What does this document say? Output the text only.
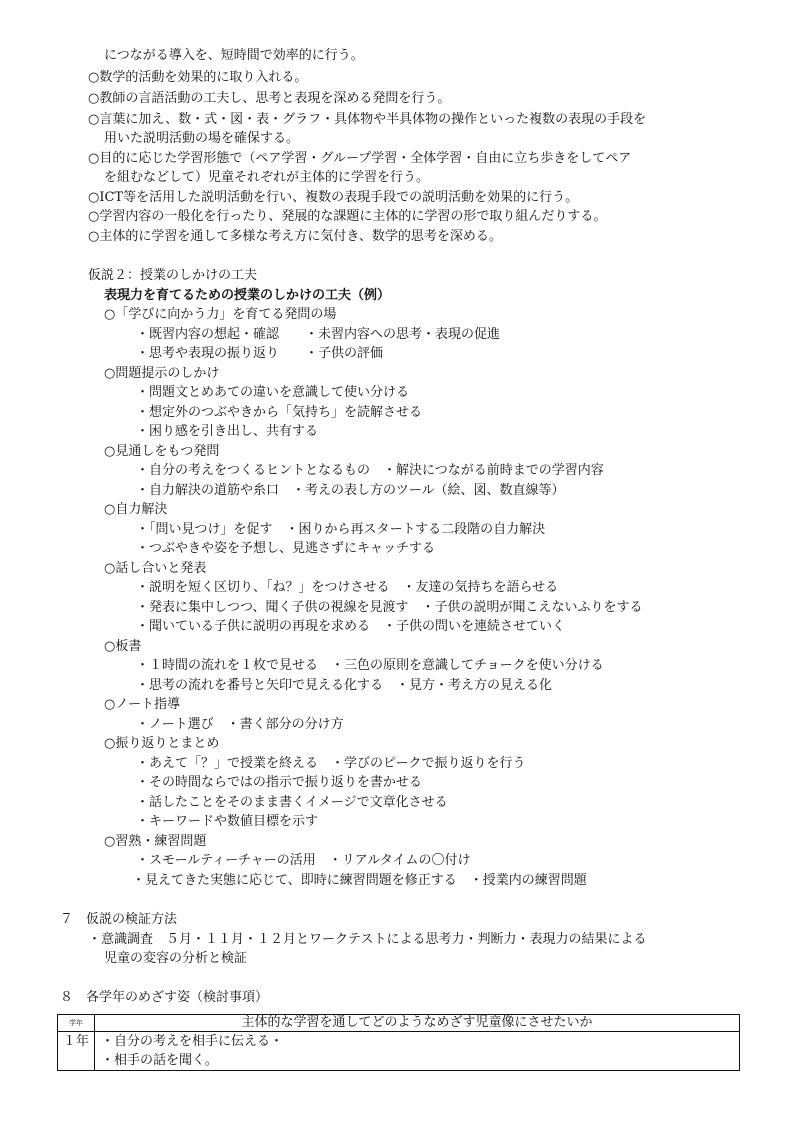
につながる導入を、短時間で効率的に行う。
○数学的活動を効果的に取り入れる。
○教師の言語活動の工夫し、思考と表現を深める発問を行う。
○言葉に加え、数・式・図・表・グラフ・具体物や半具体物の操作といった複数の表現の手段を
用いた説明活動の場を確保する。
○目的に応じた学習形態で（ペア学習・グループ学習・全体学習・自由に立ち歩きをしてペア
を組むなどして）児童それぞれが主体的に学習を行う。
○ICT等を活用した説明活動を行い、複数の表現手段での説明活動を効果的に行う。
○学習内容の一般化を行ったり、発展的な課題に主体的に学習の形で取り組んだりする。
○主体的に学習を通して多様な考え方に気付き、数学的思考を深める。
仮説２：授業のしかけの工夫
表現力を育てるための授業のしかけの工夫（例）
○「学びに向かう力」を育てる発問の場
・既習内容の想起・確認　　・未習内容への思考・表現の促進
・思考や表現の振り返り　　・子供の評価
○問題提示のしかけ
・問題文とめあての違いを意識して使い分ける
・想定外のつぶやきから「気持ち」を読解させる
・困り感を引き出し、共有する
○見通しをもつ発問
・自分の考えをつくるヒントとなるもの　・解決につながる前時までの学習内容
・自力解決の道筋や糸口　・考えの表し方のツール（絵、図、数直線等）
○自力解決
・「問い見つけ」を促す　・困りから再スタートする二段階の自力解決
・つぶやきや姿を予想し、見逃さずにキャッチする
○話し合いと発表
・説明を短く区切り、「ね？」をつけさせる　・友達の気持ちを語らせる
・発表に集中しつつ、聞く子供の視線を見渡す　・子供の説明が聞こえないふりをする
・聞いている子供に説明の再現を求める　・子供の問いを連続させていく
○板書
・１時間の流れを１枚で見せる　・三色の原則を意識してチョークを使い分ける
・思考の流れを番号と矢印で見える化する　・見方・考え方の見える化
○ノート指導
・ノート選び　・書く部分の分け方
○振り返りとまとめ
・あえて「？」で授業を終える　・学びのピークで振り返りを行う
・その時間ならではの指示で振り返りを書かせる
・話したことをそのまま書くイメージで文章化させる
・キーワードや数値目標を示す
○習熟・練習問題
・スモールティーチャーの活用　・リアルタイムの〇付け
・見えてきた実態に応じて、即時に練習問題を修正する　・授業内の練習問題
７　仮説の検証方法
・意識調査　５月・１１月・１２月とワークテストによる思考力・判断力・表現力の結果による
児童の変容の分析と検証
８　各学年のめざす姿（検討事項）
学年	主体的な学習を通してどのようなめざす児童像にさせたいか
１年	・自分の考えを相手に伝える・
・相手の話を聞く。
